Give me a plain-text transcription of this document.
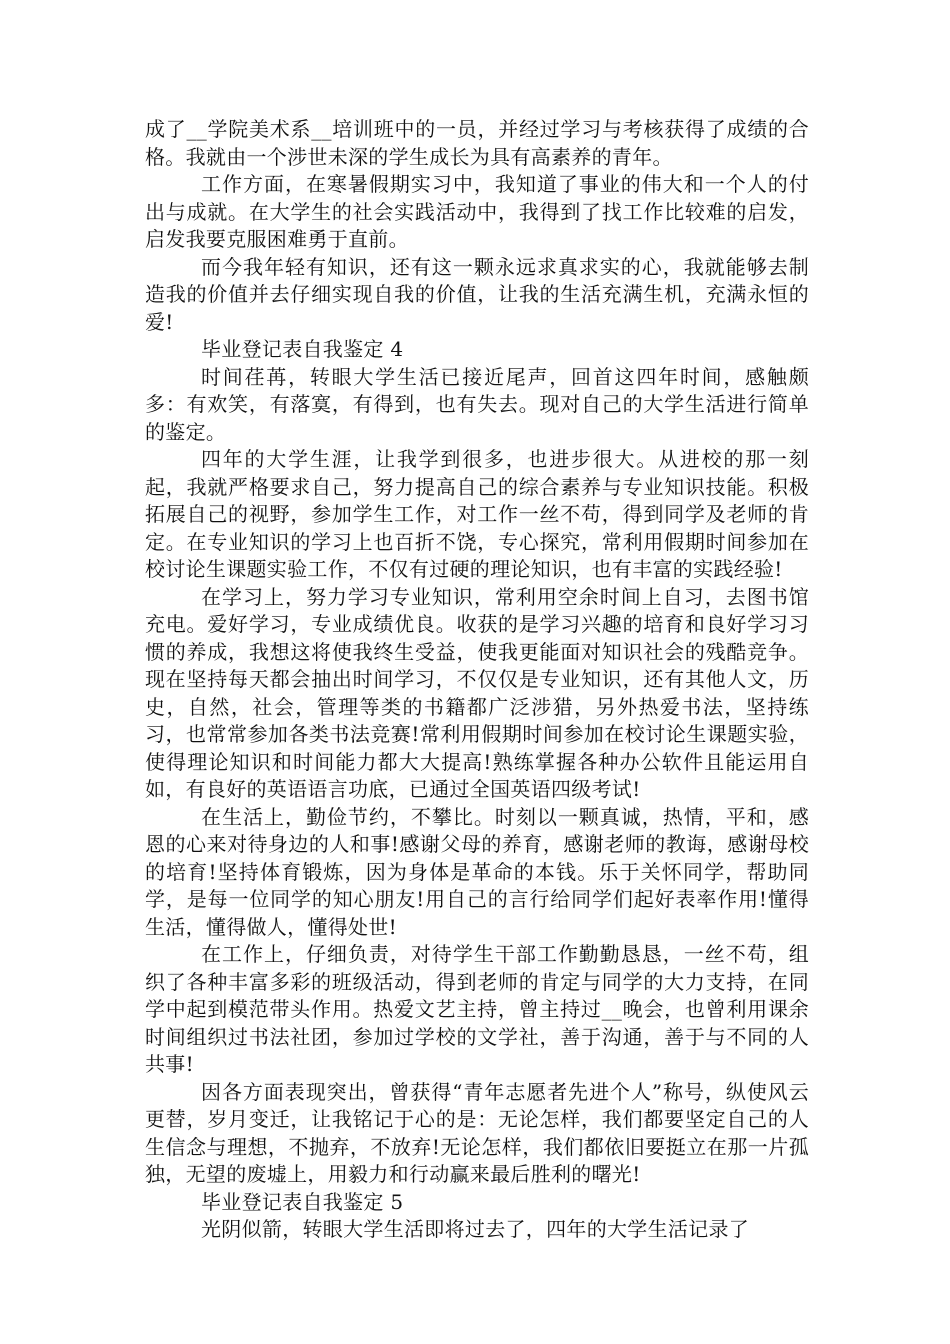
成了__学院美术系__培训班中的一员，并经过学习与考核获得了成绩的合格。我就由一个涉世未深的学生成长为具有高素养的青年。

工作方面，在寒暑假期实习中，我知道了事业的伟大和一个人的付出与成就。在大学生的社会实践活动中，我得到了找工作比较难的启发，启发我要克服困难勇于直前。

而今我年轻有知识，还有这一颗永远求真求实的心，我就能够去制造我的价值并去仔细实现自我的价值，让我的生活充满生机，充满永恒的爱!

毕业登记表自我鉴定 4

时间荏苒，转眼大学生活已接近尾声，回首这四年时间，感触颇多：有欢笑，有落寞，有得到，也有失去。现对自己的大学生活进行简单的鉴定。

四年的大学生涯，让我学到很多，也进步很大。从进校的那一刻起，我就严格要求自己，努力提高自己的综合素养与专业知识技能。积极拓展自己的视野，参加学生工作，对工作一丝不苟，得到同学及老师的肯定。在专业知识的学习上也百折不饶，专心探究，常利用假期时间参加在校讨论生课题实验工作，不仅有过硬的理论知识，也有丰富的实践经验!

在学习上，努力学习专业知识，常利用空余时间上自习，去图书馆充电。爱好学习，专业成绩优良。收获的是学习兴趣的培育和良好学习习惯的养成，我想这将使我终生受益，使我更能面对知识社会的残酷竞争。现在坚持每天都会抽出时间学习，不仅仅是专业知识，还有其他人文，历史，自然，社会，管理等类的书籍都广泛涉猎，另外热爱书法，坚持练习，也常常参加各类书法竞赛!常利用假期时间参加在校讨论生课题实验，使得理论知识和时间能力都大大提高!熟练掌握各种办公软件且能运用自如，有良好的英语语言功底，已通过全国英语四级考试!

在生活上，勤俭节约，不攀比。时刻以一颗真诚，热情，平和，感恩的心来对待身边的人和事!感谢父母的养育，感谢老师的教诲，感谢母校的培育!坚持体育锻炼，因为身体是革命的本钱。乐于关怀同学，帮助同学，是每一位同学的知心朋友!用自己的言行给同学们起好表率作用!懂得生活，懂得做人，懂得处世!

在工作上，仔细负责，对待学生干部工作勤勤恳恳，一丝不苟，组织了各种丰富多彩的班级活动，得到老师的肯定与同学的大力支持，在同学中起到模范带头作用。热爱文艺主持，曾主持过__晚会，也曾利用课余时间组织过书法社团，参加过学校的文学社，善于沟通，善于与不同的人共事!

因各方面表现突出，曾获得“青年志愿者先进个人”称号，纵使风云更替，岁月变迁，让我铭记于心的是：无论怎样，我们都要坚定自己的人生信念与理想，不抛弃，不放弃!无论怎样，我们都依旧要挺立在那一片孤独，无望的废墟上，用毅力和行动赢来最后胜利的曙光!

毕业登记表自我鉴定 5

光阴似箭，转眼大学生活即将过去了，四年的大学生活记录了
